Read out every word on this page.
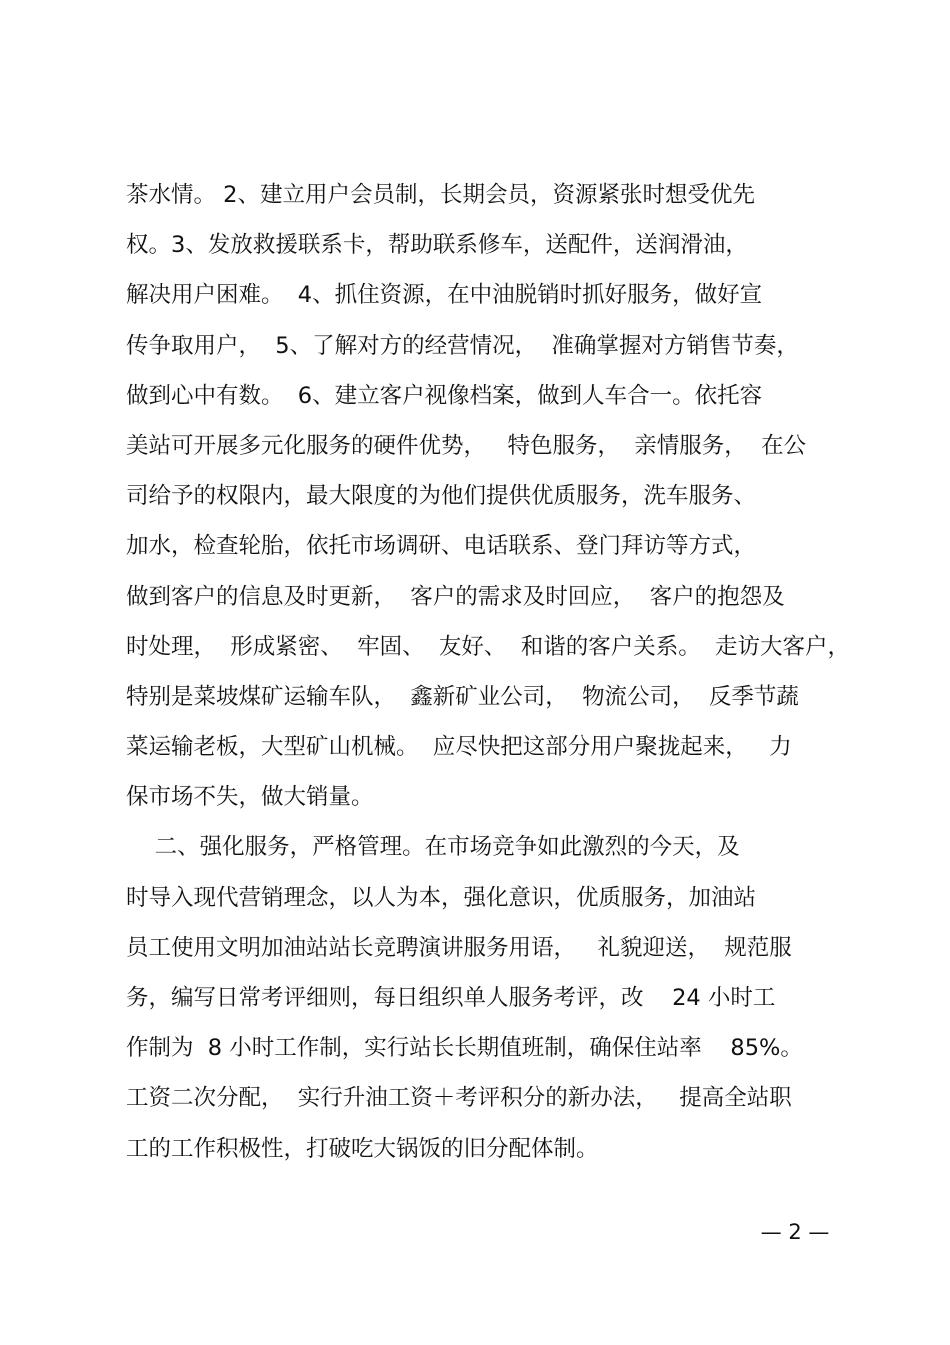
茶水情。 2、建立用户会员制，长期会员，资源紧张时想受优先
权。3、发放救援联系卡，帮助联系修车，送配件，送润滑油，
解决用户困难。  4、抓住资源，在中油脱销时抓好服务，做好宣
传争取用户，  5、了解对方的经营情况，  准确掌握对方销售节奏，
做到心中有数。  6、建立客户视像档案，做到人车合一。依托容
美站可开展多元化服务的硬件优势，   特色服务，  亲情服务，  在公
司给予的权限内，最大限度的为他们提供优质服务，洗车服务、
加水，检查轮胎，依托市场调研、电话联系、登门拜访等方式，
做到客户的信息及时更新，  客户的需求及时回应，  客户的抱怨及
时处理，  形成紧密、  牢固、  友好、  和谐的客户关系。  走访大客户，
特别是菜坡煤矿运输车队，  鑫新矿业公司，  物流公司，  反季节蔬
菜运输老板，大型矿山机械。  应尽快把这部分用户聚拢起来，   力
保市场不失，做大销量。
二、强化服务，严格管理。在市场竞争如此激烈的今天，及
时导入现代营销理念，以人为本，强化意识，优质服务，加油站
员工使用文明加油站站长竞聘演讲服务用语，   礼貌迎送，  规范服
务，编写日常考评细则，每日组织单人服务考评，改    24 小时工
作制为  8 小时工作制，实行站长长期值班制，确保住站率    85%。
工资二次分配，  实行升油工资＋考评积分的新办法，   提高全站职
工的工作积极性，打破吃大锅饭的旧分配体制。
— 2 —
